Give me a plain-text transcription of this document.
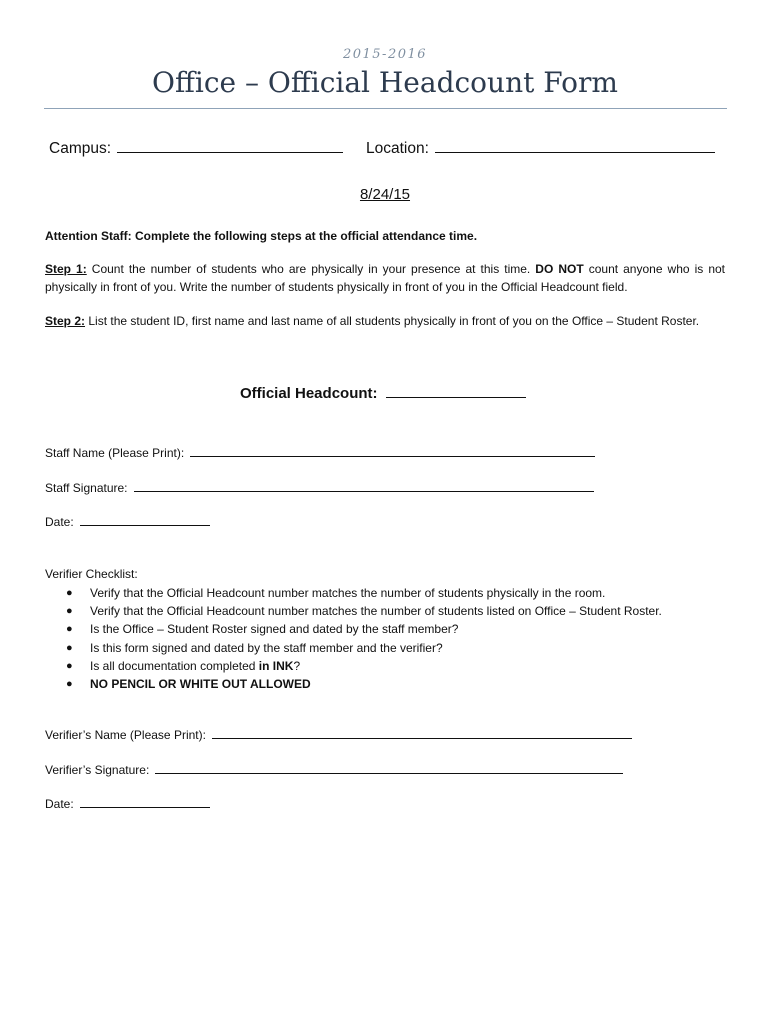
2015-2016
Office – Official Headcount Form
Campus:	Location:
8/24/15
Attention Staff: Complete the following steps at the official attendance time.
Step 1: Count the number of students who are physically in your presence at this time. DO NOT count anyone who is not physically in front of you. Write the number of students physically in front of you in the Official Headcount field.
Step 2: List the student ID, first name and last name of all students physically in front of you on the Office – Student Roster.
Official Headcount:
Staff Name (Please Print):
Staff Signature:
Date:
Verifier Checklist:
● Verify that the Official Headcount number matches the number of students physically in the room.
● Verify that the Official Headcount number matches the number of students listed on Office – Student Roster.
● Is the Office – Student Roster signed and dated by the staff member?
● Is this form signed and dated by the staff member and the verifier?
● Is all documentation completed in INK?
● NO PENCIL OR WHITE OUT ALLOWED
Verifier’s Name (Please Print):
Verifier’s Signature:
Date:
